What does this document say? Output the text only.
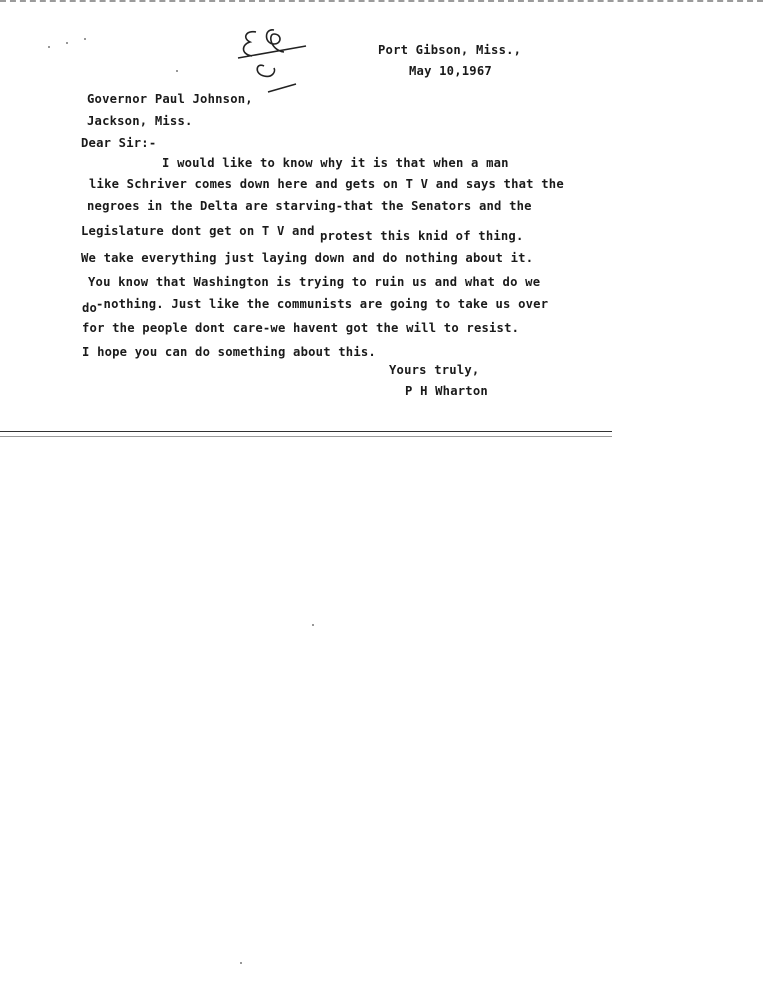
Port Gibson, Miss.,
May 10,1967
Governor Paul Johnson,
Jackson, Miss.
Dear Sir:-
I would like to know why it is that when a man
like Schriver comes down here and gets on T V and says that the
negroes in the Delta are starving-that the Senators and the
Legislature dont get on T V and protest this knid of thing.
We take everything just laying down and do nothing about it.
You know that Washington is trying to ruin us and what do we
do
-nothing. Just like the communists are going to take us over
for the people dont care-we havent got the will to resist.
I hope you can do something about this.
Yours truly,
P H Wharton
